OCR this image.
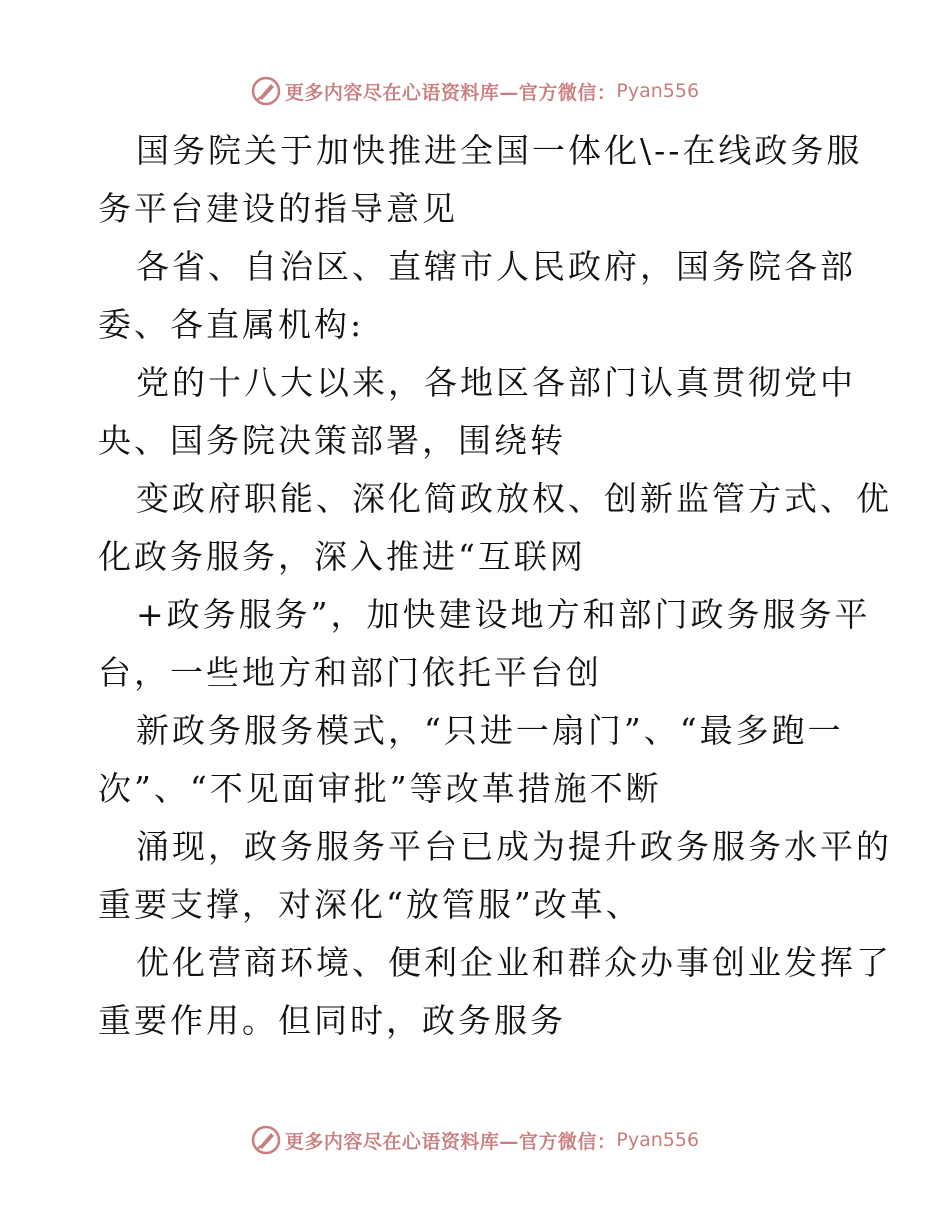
更多内容尽在心语资料库—官方微信： Pyan556
国务院关于加快推进全国一体化\--在线政务服
务平台建设的指导意见
各省、自治区、直辖市人民政府，国务院各部
委、各直属机构:
党的十八大以来，各地区各部门认真贯彻党中
央、国务院决策部署，围绕转
变政府职能、深化简政放权、创新监管方式、优
化政务服务，深入推进“互联网
+政务服务”，加快建设地方和部门政务服务平
台，一些地方和部门依托平台创
新政务服务模式，“只进一扇门”、“最多跑一
次”、“不见面审批”等改革措施不断
涌现，政务服务平台已成为提升政务服务水平的
重要支撑，对深化“放管服”改革、
优化营商环境、便利企业和群众办事创业发挥了
重要作用。但同时，政务服务
更多内容尽在心语资料库—官方微信： Pyan556
